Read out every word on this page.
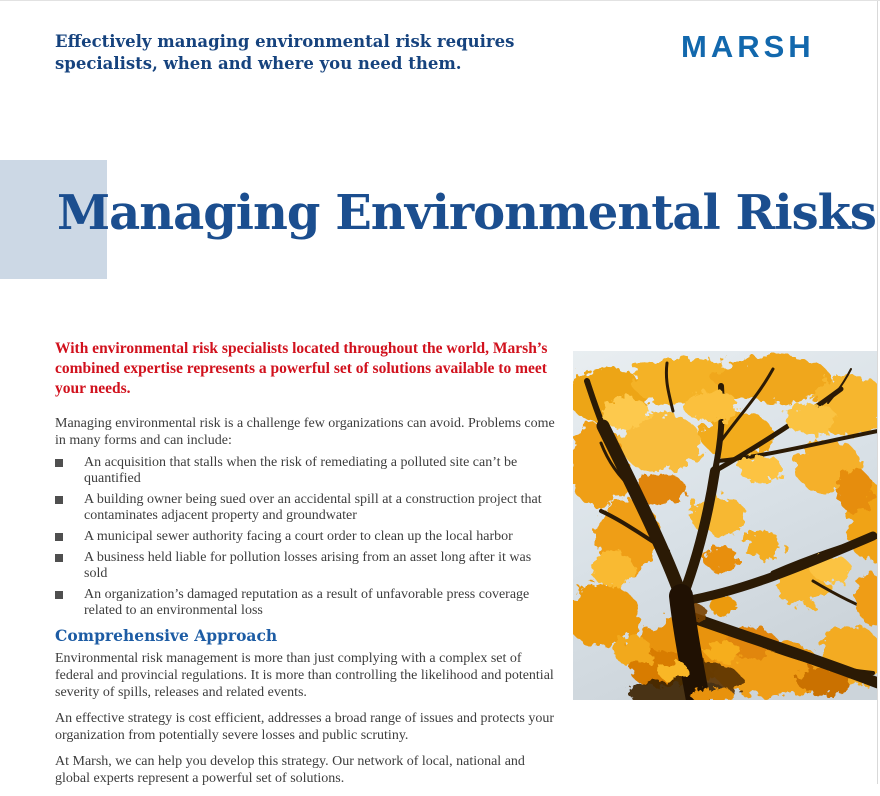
Effectively managing environmental risk requires specialists, when and where you need them.	MARSH
Managing Environmental Risks

With environmental risk specialists located throughout the world, Marsh’s combined expertise represents a powerful set of solutions available to meet your needs.

Managing environmental risk is a challenge few organizations can avoid. Problems come in many forms and can include:

An acquisition that stalls when the risk of remediating a polluted site can’t be quantified
A building owner being sued over an accidental spill at a construction project that contaminates adjacent property and groundwater
A municipal sewer authority facing a court order to clean up the local harbor
A business held liable for pollution losses arising from an asset long after it was sold
An organization’s damaged reputation as a result of unfavorable press coverage related to an environmental loss
Comprehensive Approach

Environmental risk management is more than just complying with a complex set of federal and provincial regulations. It is more than controlling the likelihood and potential severity of spills, releases and related events.

An effective strategy is cost efficient, addresses a broad range of issues and protects your organization from potentially severe losses and public scrutiny.

At Marsh, we can help you develop this strategy. Our network of local, national and global experts represent a powerful set of solutions.
